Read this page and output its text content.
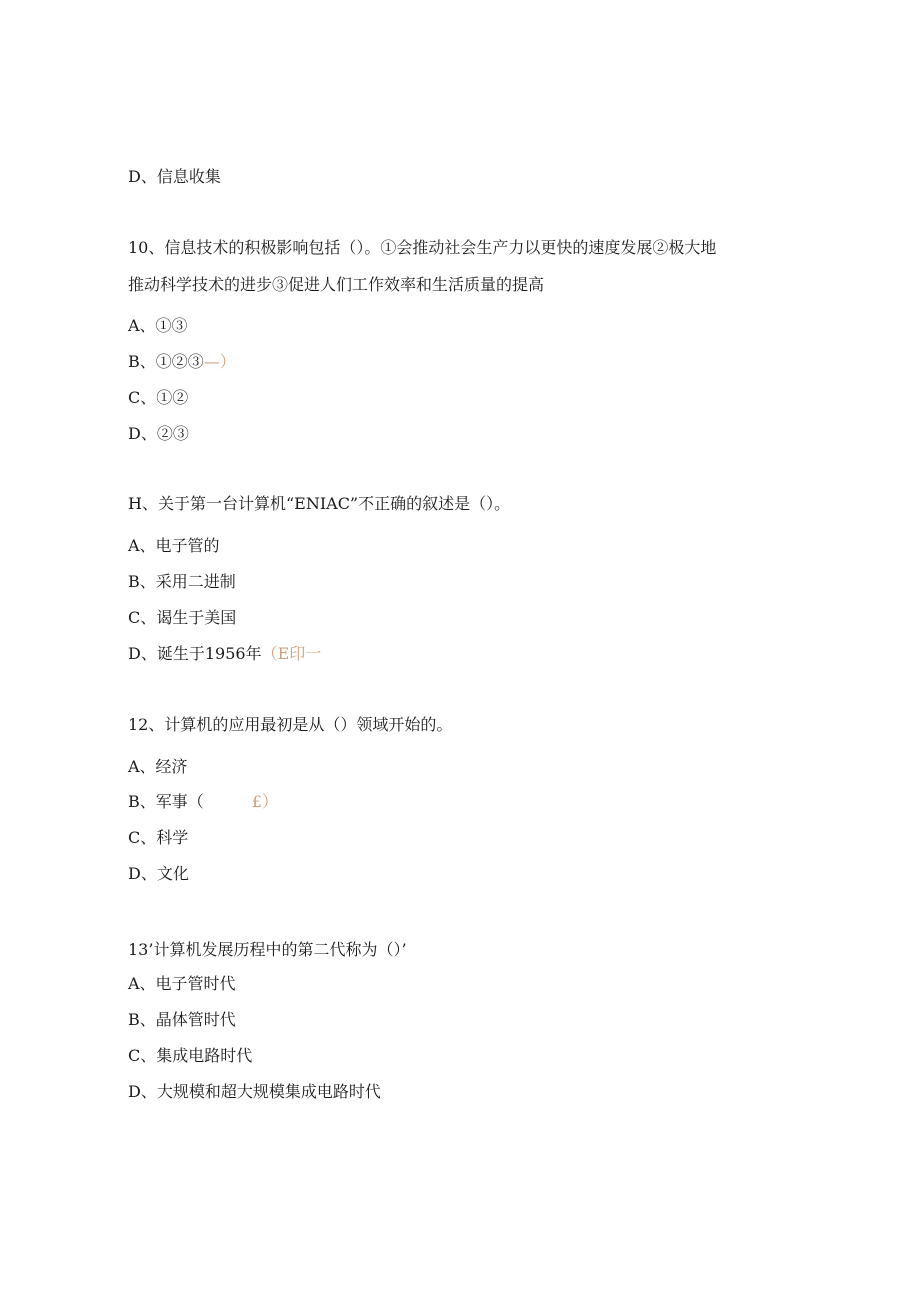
D、信息收集
10、信息技术的积极影响包括（）。①会推动社会生产力以更快的速度发展②极大地
推动科学技术的进步③促进人们工作效率和生活质量的提高
A、①③
B、①②③—）
C、①②
D、②③
H、关于第一台计算机“ENIAC”不正确的叙述是（）。
A、电子管的
B、采用二进制
C、谒生于美国
D、诞生于1956年（E印一
12、计算机的应用最初是从（）领域开始的。
A、经济
B、军事（	£）
C、科学
D、文化
13’计算机发展历程中的第二代称为（）’
A、电子管时代
B、晶体管时代
C、集成电路时代
D、大规模和超大规模集成电路时代
